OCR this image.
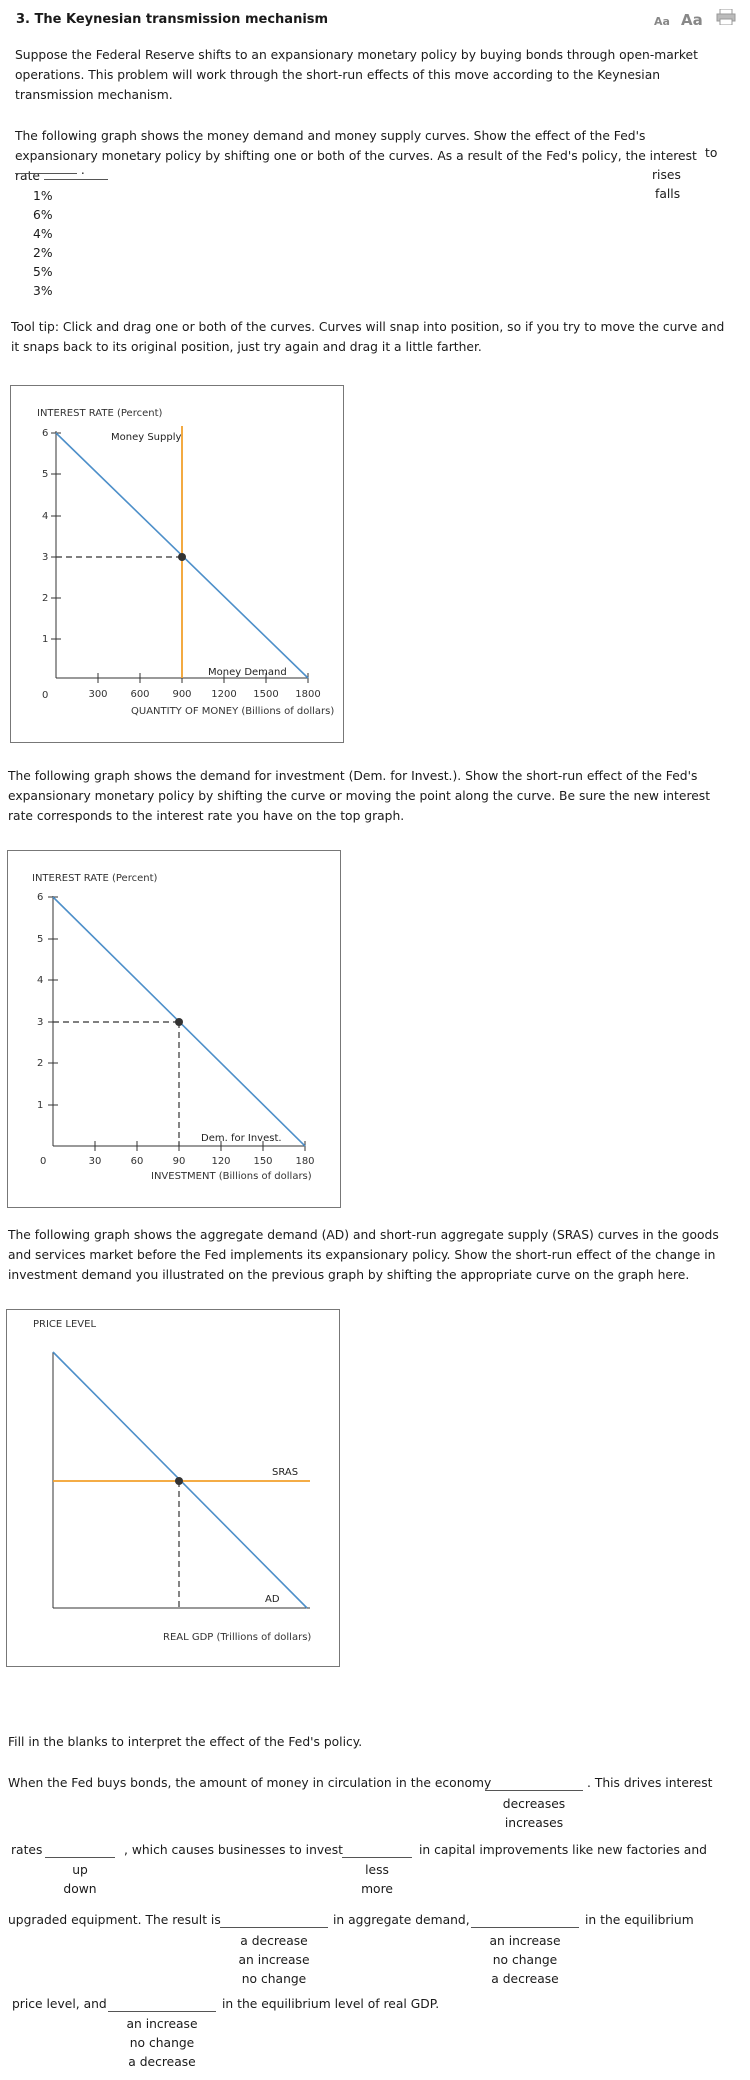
3. The Keynesian transmission mechanism	Aa Aa
Suppose the Federal Reserve shifts to an expansionary monetary policy by buying bonds through open-market operations. This problem will work through the short-run effects of this move according to the Keynesian transmission mechanism.
The following graph shows the money demand and money supply curves. Show the effect of the Fed's expansionary monetary policy by shifting one or both of the curves. As a result of the Fed's policy, the interest rate
to
.	rises
falls
1%
6%
4%
2%
5%
3%
Tool tip: Click and drag one or both of the curves. Curves will snap into position, so if you try to move the curve and it snaps back to its original position, just try again and drag it a little farther.
INTEREST RATE (Percent)
6
5
4
3
2
1
0	300 600 900 1200 1500 1800
QUANTITY OF MONEY (Billions of dollars)
Money Supply
Money Demand
The following graph shows the demand for investment (Dem. for Invest.). Show the short-run effect of the Fed's expansionary monetary policy by shifting the curve or moving the point along the curve. Be sure the new interest rate corresponds to the interest rate you have on the top graph.
INTEREST RATE (Percent)
6
5
4
3
2
1
0	30	60	90	120 150 180
INVESTMENT (Billions of dollars)
Dem. for Invest.
The following graph shows the aggregate demand (AD) and short-run aggregate supply (SRAS) curves in the goods and services market before the Fed implements its expansionary policy. Show the short-run effect of the change in investment demand you illustrated on the previous graph by shifting the appropriate curve on the graph here.
PRICE LEVEL
REAL GDP (Trillions of dollars)
SRAS
AD
Fill in the blanks to interpret the effect of the Fed's policy.
When the Fed buys bonds, the amount of money in circulation in the economy	. This drives interest
decreases
increases
rates	, which causes businesses to invest	in capital improvements like new factories and
up
down
less
more
upgraded equipment. The result is	in aggregate demand,	in the equilibrium
a decrease
an increase
no change
an increase
no change
a decrease
price level, and	in the equilibrium level of real GDP.
an increase
no change
a decrease
